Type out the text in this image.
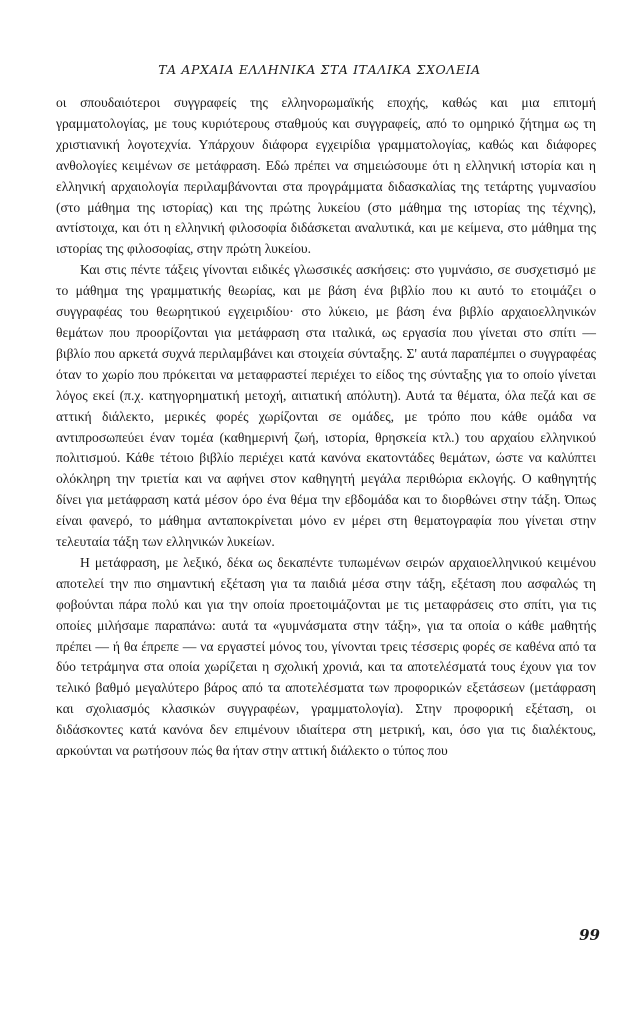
ΤΑ ΑΡΧΑΙΑ ΕΛΛΗΝΙΚΑ ΣΤΑ ΙΤΑΛΙΚΑ ΣΧΟΛΕΙΑ

οι σπουδαιότεροι συγγραφείς της ελληνορωμαϊκής εποχής, καθώς και μια επιτομή γραμματολογίας, με τους κυριότερους σταθμούς και συγγραφείς, από το ομηρικό ζήτημα ως τη χριστιανική λογοτεχνία. Υπάρχουν διάφορα εγχειρίδια γραμματολογίας, καθώς και διάφορες ανθολογίες κειμένων σε μετάφραση. Εδώ πρέπει να σημειώσουμε ότι η ελληνική ιστορία και η ελληνική αρχαιολογία περιλαμβάνονται στα προγράμματα διδασκαλίας της τετάρτης γυμνασίου (στο μάθημα της ιστορίας) και της πρώτης λυκείου (στο μάθημα της ιστορίας της τέχνης), αντίστοιχα, και ότι η ελληνική φιλοσοφία διδάσκεται αναλυτικά, και με κείμενα, στο μάθημα της ιστορίας της φιλοσοφίας, στην πρώτη λυκείου.

Και στις πέντε τάξεις γίνονται ειδικές γλωσσικές ασκήσεις: στο γυμνάσιο, σε συσχετισμό με το μάθημα της γραμματικής θεωρίας, και με βάση ένα βιβλίο που κι αυτό το ετοιμάζει ο συγγραφέας του θεωρητικού εγχειριδίου· στο λύκειο, με βάση ένα βιβλίο αρχαιοελληνικών θεμάτων που προορίζονται για μετάφραση στα ιταλικά, ως εργασία που γίνεται στο σπίτι — βιβλίο που αρκετά συχνά περιλαμβάνει και στοιχεία σύνταξης. Σ' αυτά παραπέμπει ο συγγραφέας όταν το χωρίο που πρόκειται να μεταφραστεί περιέχει το είδος της σύνταξης για το οποίο γίνεται λόγος εκεί (π.χ. κατηγορηματική μετοχή, αιτιατική απόλυτη). Αυτά τα θέματα, όλα πεζά και σε αττική διάλεκτο, μερικές φορές χωρίζονται σε ομάδες, με τρόπο που κάθε ομάδα να αντιπροσωπεύει έναν τομέα (καθημερινή ζωή, ιστορία, θρησκεία κτλ.) του αρχαίου ελληνικού πολιτισμού. Κάθε τέτοιο βιβλίο περιέχει κατά κανόνα εκατοντάδες θεμάτων, ώστε να καλύπτει ολόκληρη την τριετία και να αφήνει στον καθηγητή μεγάλα περιθώρια εκλογής. Ο καθηγητής δίνει για μετάφραση κατά μέσον όρο ένα θέμα την εβδομάδα και το διορθώνει στην τάξη. Όπως είναι φανερό, το μάθημα ανταποκρίνεται μόνο εν μέρει στη θεματογραφία που γίνεται στην τελευταία τάξη των ελληνικών λυκείων.

Η μετάφραση, με λεξικό, δέκα ως δεκαπέντε τυπωμένων σειρών αρχαιοελληνικού κειμένου αποτελεί την πιο σημαντική εξέταση για τα παιδιά μέσα στην τάξη, εξέταση που ασφαλώς τη φοβούνται πάρα πολύ και για την οποία προετοιμάζονται με τις μεταφράσεις στο σπίτι, για τις οποίες μιλήσαμε παραπάνω: αυτά τα «γυμνάσματα στην τάξη», για τα οποία ο κάθε μαθητής πρέπει — ή θα έπρεπε — να εργαστεί μόνος του, γίνονται τρεις τέσσερις φορές σε καθένα από τα δύο τετράμηνα στα οποία χωρίζεται η σχολική χρονιά, και τα αποτελέσματά τους έχουν για τον τελικό βαθμό μεγαλύτερο βάρος από τα αποτελέσματα των προφορικών εξετάσεων (μετάφραση και σχολιασμός κλασικών συγγραφέων, γραμματολογία). Στην προφορική εξέταση, οι διδάσκοντες κατά κανόνα δεν επιμένουν ιδιαίτερα στη μετρική, και, όσο για τις διαλέκτους, αρκούνται να ρωτήσουν πώς θα ήταν στην αττική διάλεκτο ο τύπος που

99
